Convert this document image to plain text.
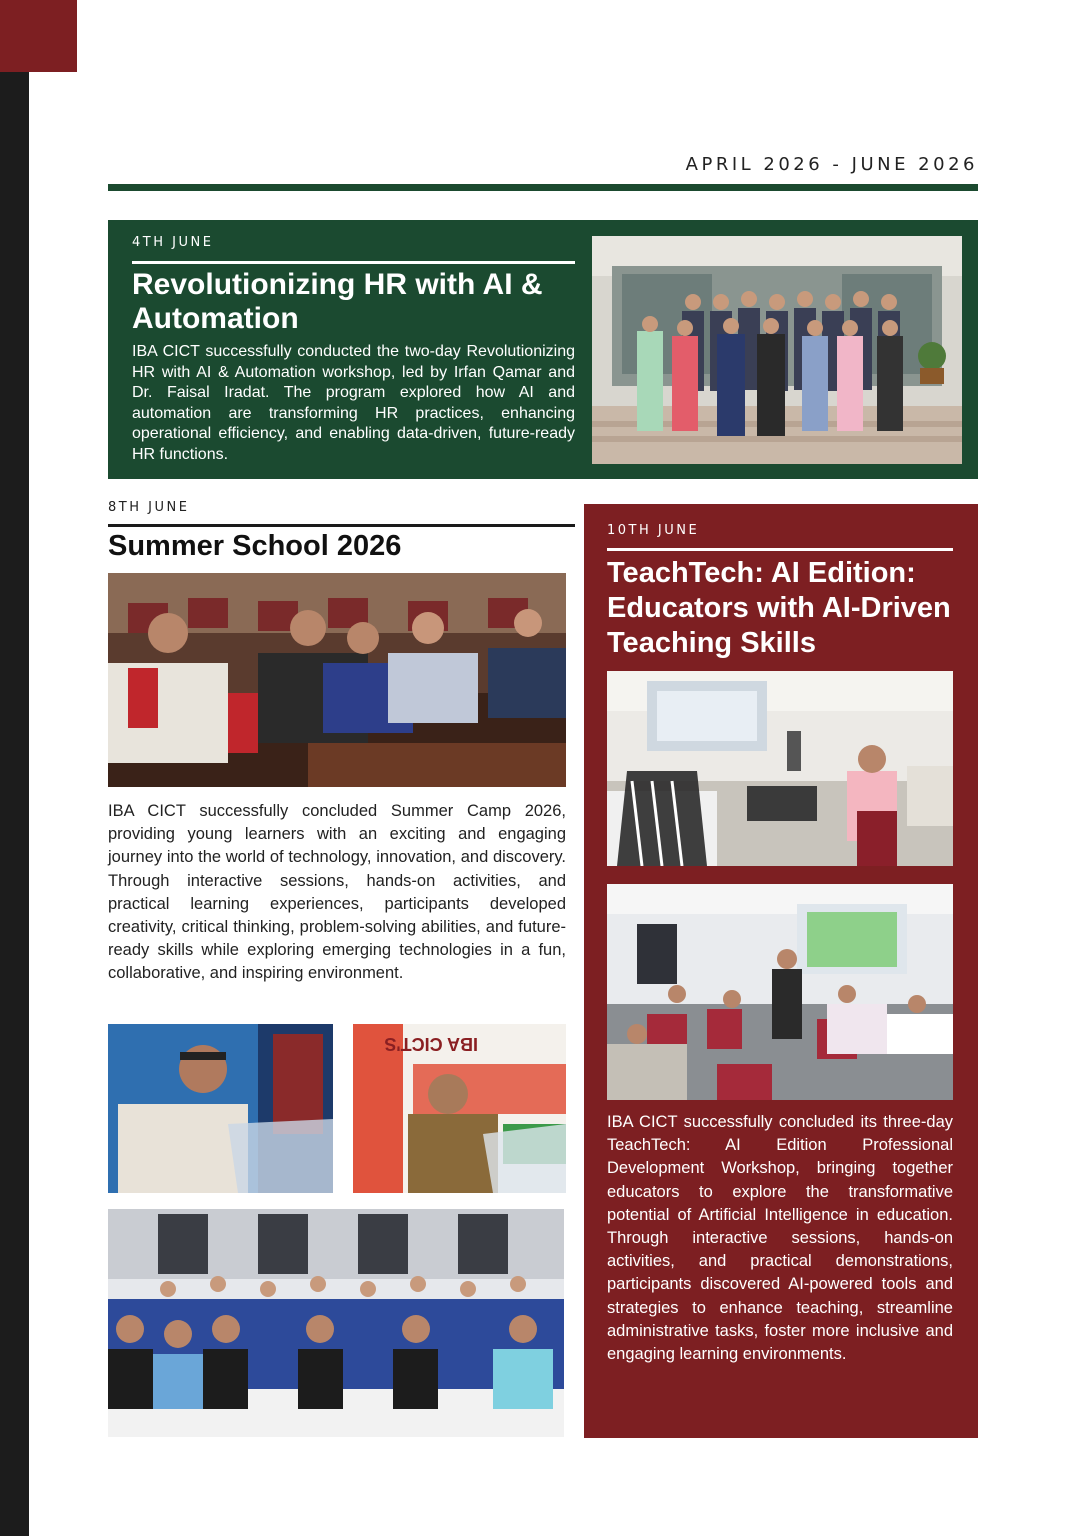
APRIL 2026 - JUNE 2026
4TH JUNE
Revolutionizing HR with AI & Automation

IBA CICT successfully conducted the two-day Revolutionizing HR with AI & Automation workshop, led by Irfan Qamar and Dr. Faisal Iradat. The program explored how AI and automation are transforming HR practices, enhancing operational efficiency, and enabling data-driven, future-ready HR functions.

8TH JUNE
Summer School 2026

IBA CICT successfully concluded Summer Camp 2026, providing young learners with an exciting and engaging journey into the world of technology, innovation, and discovery. Through interactive sessions, hands-on activities, and practical learning experiences, participants developed creativity, critical thinking, problem-solving abilities, and future-ready skills while exploring emerging technologies in a fun, collaborative, and inspiring environment.

IBA CICT'S
10TH JUNE
TeachTech: AI Edition: Educators with AI-Driven Teaching Skills

IBA CICT successfully concluded its three-day TeachTech: AI Edition Professional Development Workshop, bringing together educators to explore the transformative potential of Artificial Intelligence in education. Through interactive sessions, hands-on activities, and practical demonstrations, participants discovered AI-powered tools and strategies to enhance teaching, streamline administrative tasks, foster more inclusive and engaging learning environments.
